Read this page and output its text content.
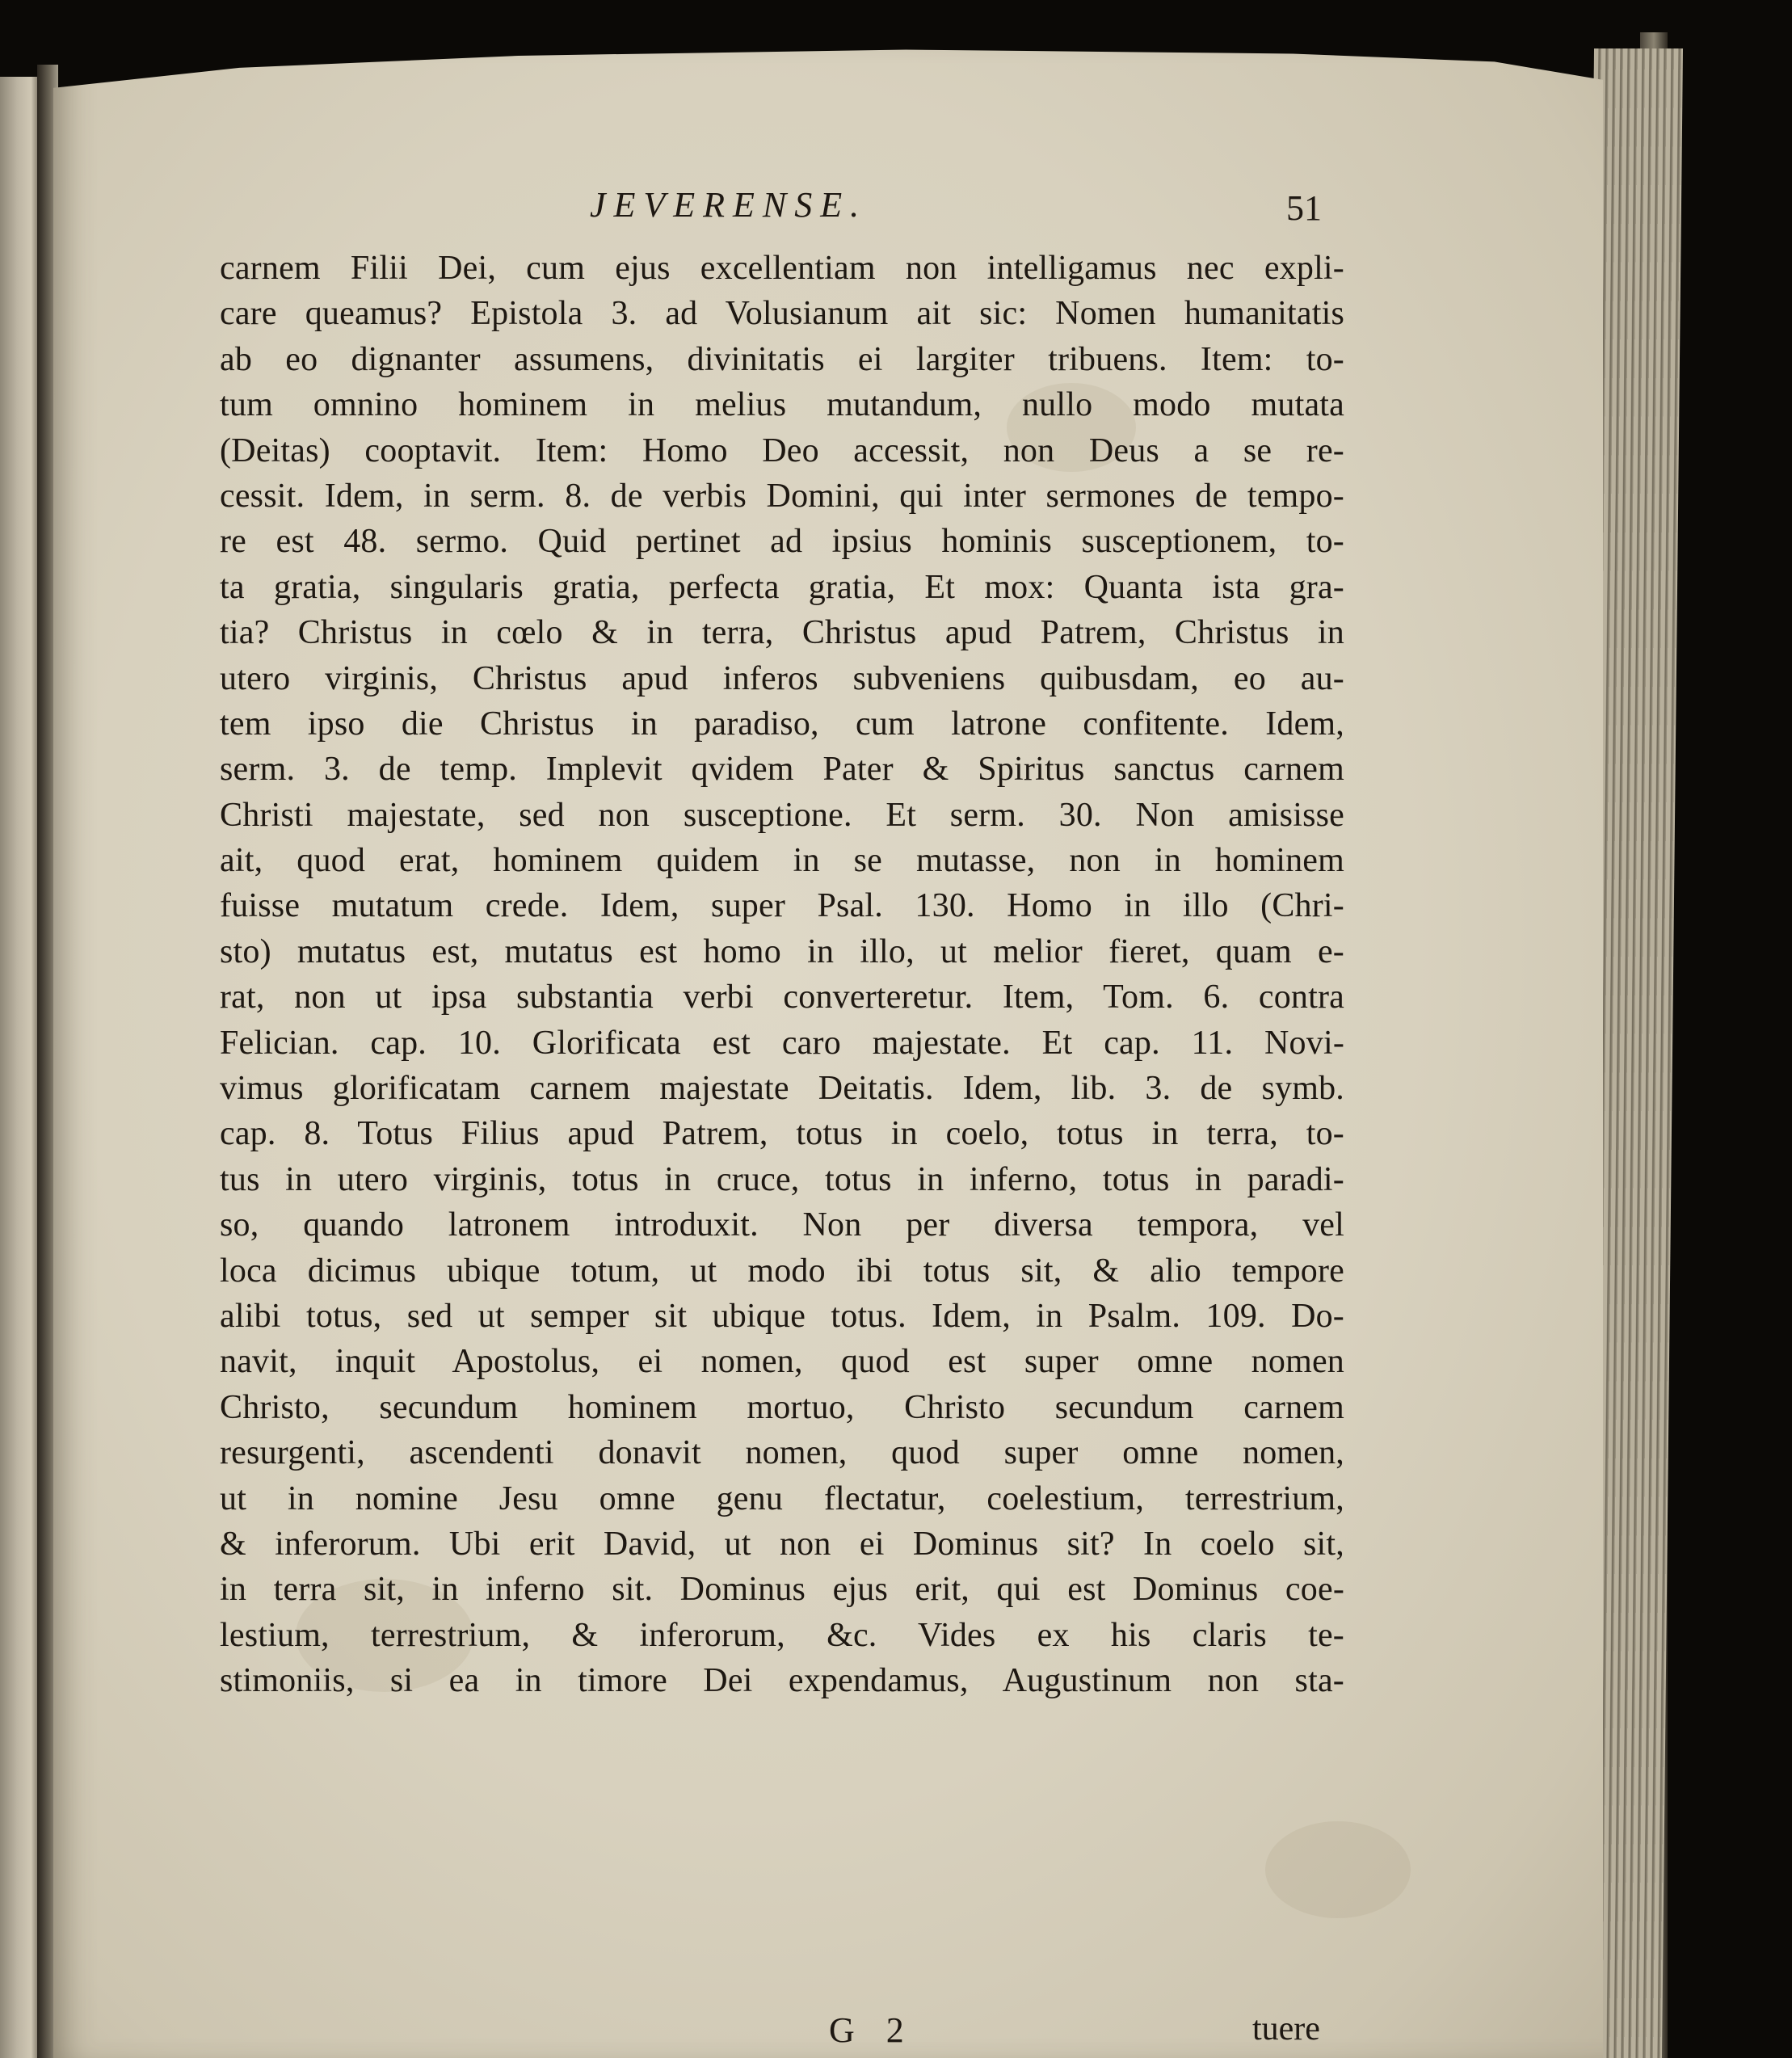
JEVERENSE.	51
carnem Filii Dei, cum ejus excellentiam non intelligamus nec expli-
care queamus? Epistola 3. ad Volusianum ait sic: Nomen humanitatis
ab eo dignanter assumens, divinitatis ei largiter tribuens. Item: to-
tum omnino hominem in melius mutandum, nullo modo mutata
(Deitas) cooptavit. Item: Homo Deo accessit, non Deus a se re-
cessit. Idem, in serm. 8. de verbis Domini, qui inter sermones de tempo-
re est 48. sermo. Quid pertinet ad ipsius hominis susceptionem, to-
ta gratia, singularis gratia, perfecta gratia, Et mox: Quanta ista gra-
tia? Christus in cœlo & in terra, Christus apud Patrem, Christus in
utero virginis, Christus apud inferos subveniens quibusdam, eo au-
tem ipso die Christus in paradiso, cum latrone confitente. Idem,
serm. 3. de temp. Implevit qvidem Pater & Spiritus sanctus carnem
Christi majestate, sed non susceptione. Et serm. 30. Non amisisse
ait, quod erat, hominem quidem in se mutasse, non in hominem
fuisse mutatum crede. Idem, super Psal. 130. Homo in illo (Chri-
sto) mutatus est, mutatus est homo in illo, ut melior fieret, quam e-
rat, non ut ipsa substantia verbi converteretur. Item, Tom. 6. contra
Felician. cap. 10. Glorificata est caro majestate. Et cap. 11. Novi-
vimus glorificatam carnem majestate Deitatis. Idem, lib. 3. de symb.
cap. 8. Totus Filius apud Patrem, totus in coelo, totus in terra, to-
tus in utero virginis, totus in cruce, totus in inferno, totus in paradi-
so, quando latronem introduxit. Non per diversa tempora, vel
loca dicimus ubique totum, ut modo ibi totus sit, & alio tempore
alibi totus, sed ut semper sit ubique totus. Idem, in Psalm. 109. Do-
navit, inquit Apostolus, ei nomen, quod est super omne nomen
Christo, secundum hominem mortuo, Christo secundum carnem
resurgenti, ascendenti donavit nomen, quod super omne nomen,
ut in nomine Jesu omne genu flectatur, coelestium, terrestrium,
& inferorum. Ubi erit David, ut non ei Dominus sit? In coelo sit,
in terra sit, in inferno sit. Dominus ejus erit, qui est Dominus coe-
lestium, terrestrium, & inferorum, &c. Vides ex his claris te-
stimoniis, si ea in timore Dei expendamus, Augustinum non sta-
G 2	tuere
